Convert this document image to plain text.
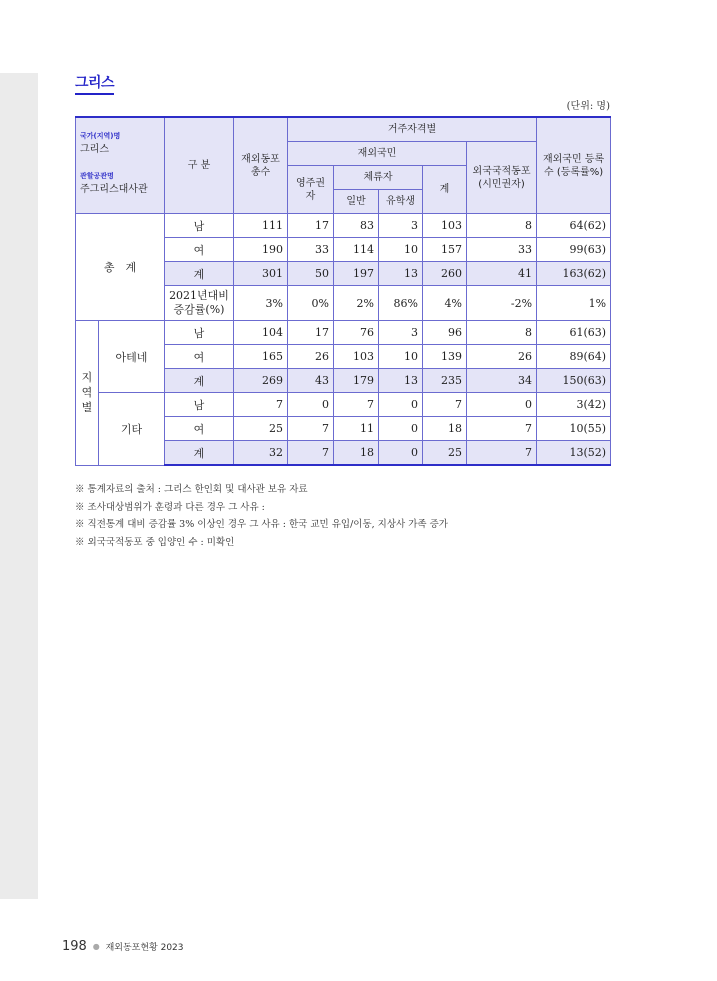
그리스
(단위: 명)
국가(지역)명
그리스
관할공관명
주그리스대사관		구 분	재외동포 총수	거주자격별					재외국민 등록수 (등록률%)
				재외국민				외국국적동포 (시민권자)	
				영주권자	체류자		계		
					일반	유학생			
총　계		남	111	17	83	3	103	8	64(62)
		여	190	33	114	10	157	33	99(63)
		계	301	50	197	13	260	41	163(62)
		2021년대비 증감률(%)	3%	0%	2%	86%	4%	-2%	1%
지
역
별	아테네	남	104	17	76	3	96	8	61(63)
		여	165	26	103	10	139	26	89(64)
		계	269	43	179	13	235	34	150(63)
	기타	남	7	0	7	0	7	0	3(42)
		여	25	7	11	0	18	7	10(55)
		계	32	7	18	0	25	7	13(52)
※ 통계자료의 출처 : 그리스 한인회 및 대사관 보유 자료
※ 조사대상범위가 훈령과 다른 경우 그 사유 :
※ 직전통계 대비 증감률 3% 이상인 경우 그 사유 : 한국 교민 유입/이동, 지상사 가족 증가
※ 외국국적동포 중 입양인 수 : 미확인
198 ● 재외동포현황 2023
